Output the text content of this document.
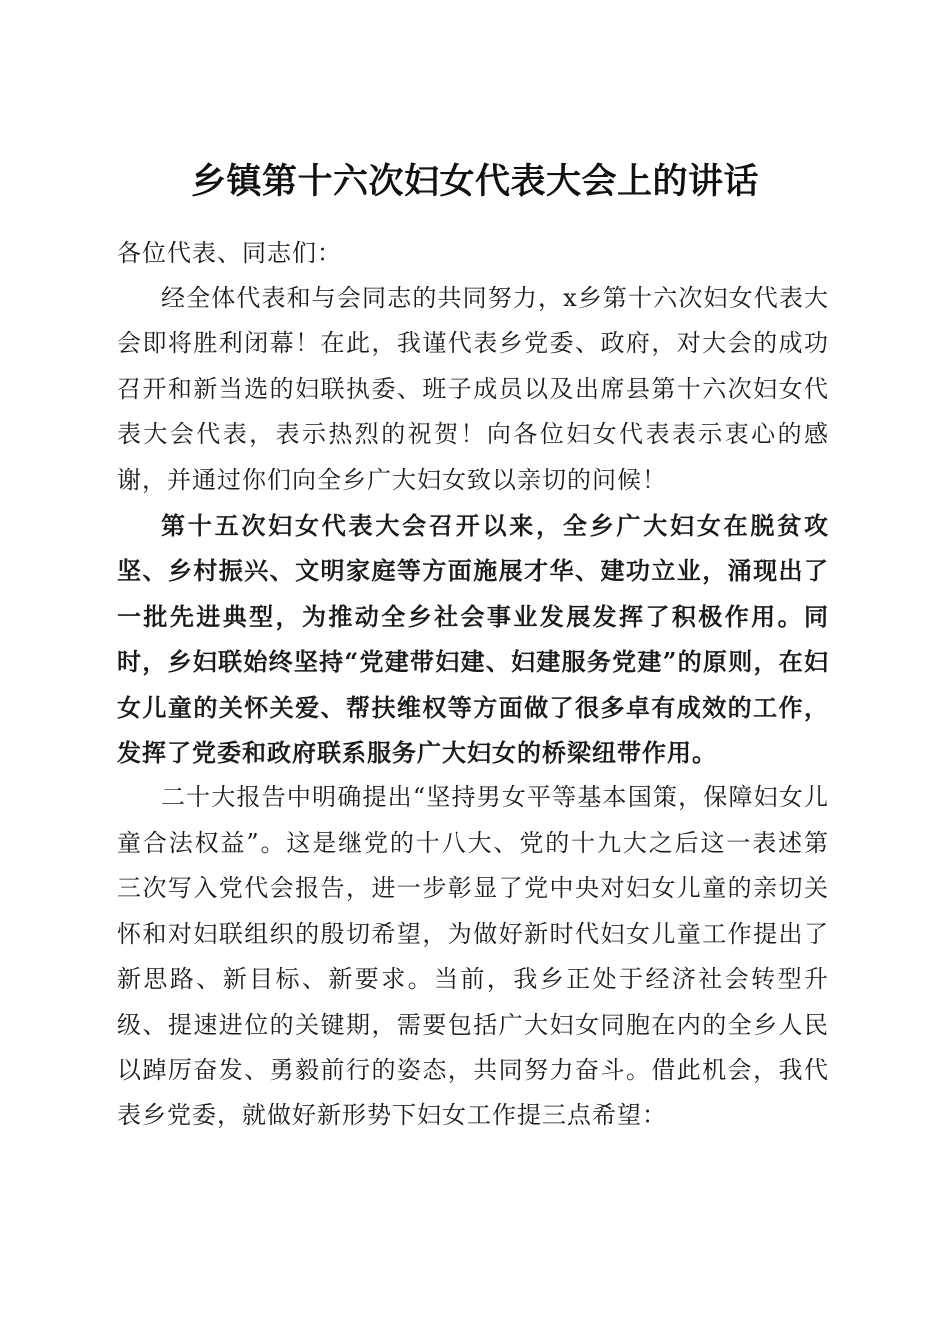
乡镇第十六次妇女代表大会上的讲话

各位代表、同志们：

经全体代表和与会同志的共同努力，x乡第十六次妇女代表大会即将胜利闭幕！在此，我谨代表乡党委、政府，对大会的成功召开和新当选的妇联执委、班子成员以及出席县第十六次妇女代表大会代表，表示热烈的祝贺！向各位妇女代表表示衷心的感谢，并通过你们向全乡广大妇女致以亲切的问候！

第十五次妇女代表大会召开以来，全乡广大妇女在脱贫攻坚、乡村振兴、文明家庭等方面施展才华、建功立业，涌现出了一批先进典型，为推动全乡社会事业发展发挥了积极作用。同时，乡妇联始终坚持“党建带妇建、妇建服务党建”的原则，在妇女儿童的关怀关爱、帮扶维权等方面做了很多卓有成效的工作，发挥了党委和政府联系服务广大妇女的桥梁纽带作用。

二十大报告中明确提出“坚持男女平等基本国策，保障妇女儿童合法权益”。这是继党的十八大、党的十九大之后这一表述第三次写入党代会报告，进一步彰显了党中央对妇女儿童的亲切关怀和对妇联组织的殷切希望，为做好新时代妇女儿童工作提出了新思路、新目标、新要求。当前，我乡正处于经济社会转型升级、提速进位的关键期，需要包括广大妇女同胞在内的全乡人民以踔厉奋发、勇毅前行的姿态，共同努力奋斗。借此机会，我代表乡党委，就做好新形势下妇女工作提三点希望：
